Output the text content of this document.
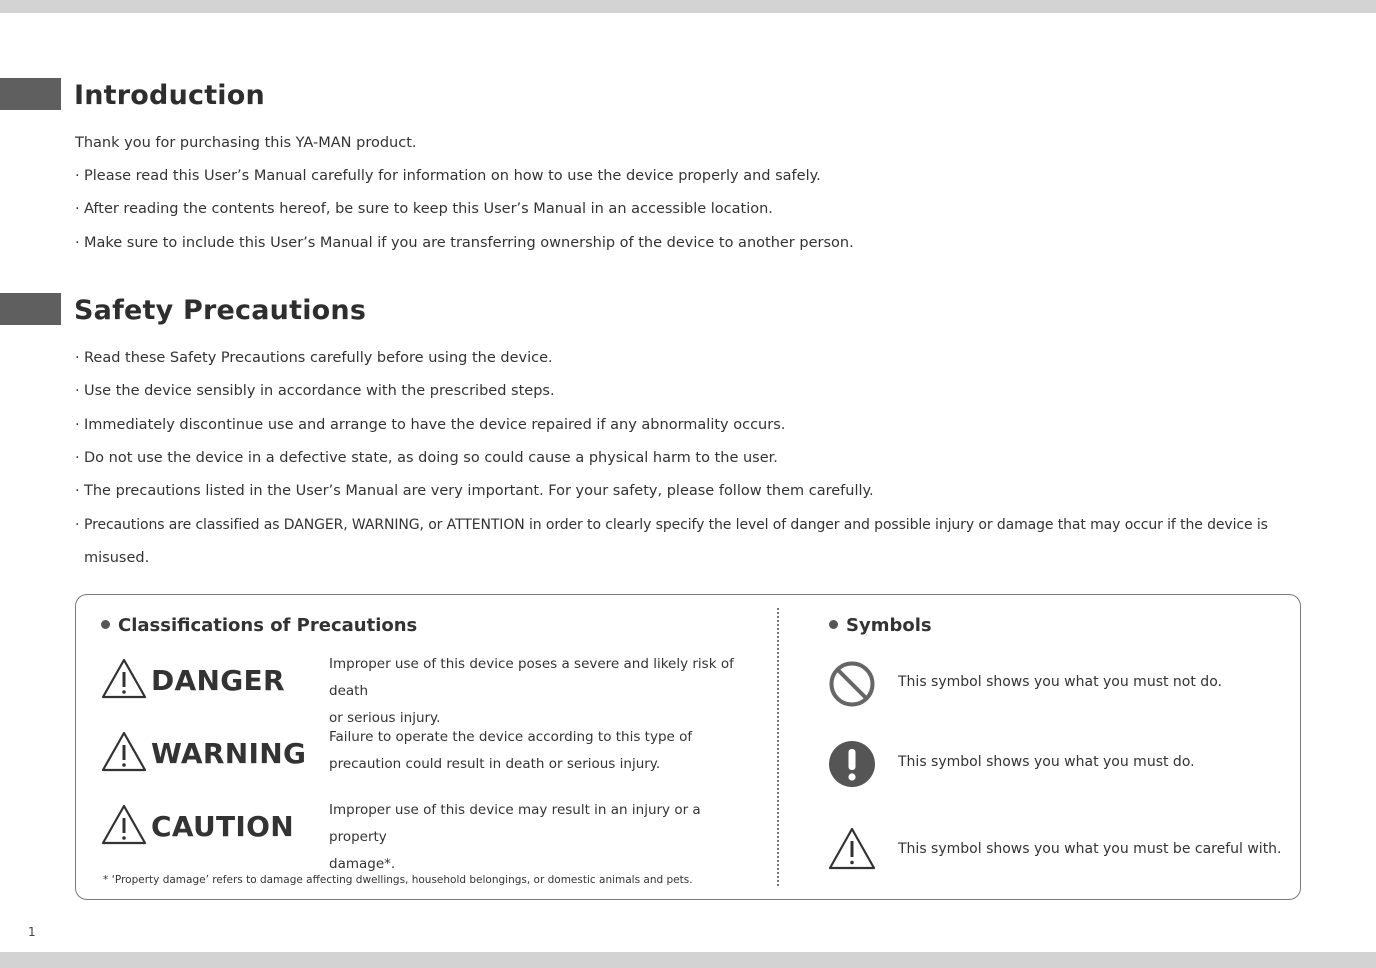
Introduction

Thank you for purchasing this YA-MAN product.

· Please read this User’s Manual carefully for information on how to use the device properly and safely.

· After reading the contents hereof, be sure to keep this User’s Manual in an accessible location.

· Make sure to include this User’s Manual if you are transferring ownership of the device to another person.

Safety Precautions

· Read these Safety Precautions carefully before using the device.

· Use the device sensibly in accordance with the prescribed steps.

· Immediately discontinue use and arrange to have the device repaired if any abnormality occurs.

· Do not use the device in a defective state, as doing so could cause a physical harm to the user.

· The precautions listed in the User’s Manual are very important. For your safety, please follow them carefully.

· Precautions are classified as DANGER, WARNING, or ATTENTION in order to clearly specify the level of danger and possible injury or damage that may occur if the device is

misused.

Classifications of Precautions

DANGER	Improper use of this device poses a severe and likely risk of death
or serious injury.

WARNING Failure to operate the device according to this type of
precaution could result in death or serious injury.

CAUTION	Improper use of this device may result in an injury or a property
damage*.

* ‘Property damage’ refers to damage affecting dwellings, household belongings, or domestic animals and pets.

Symbols

This symbol shows you what you must not do.

This symbol shows you what you must do.

This symbol shows you what you must be careful with.

1
